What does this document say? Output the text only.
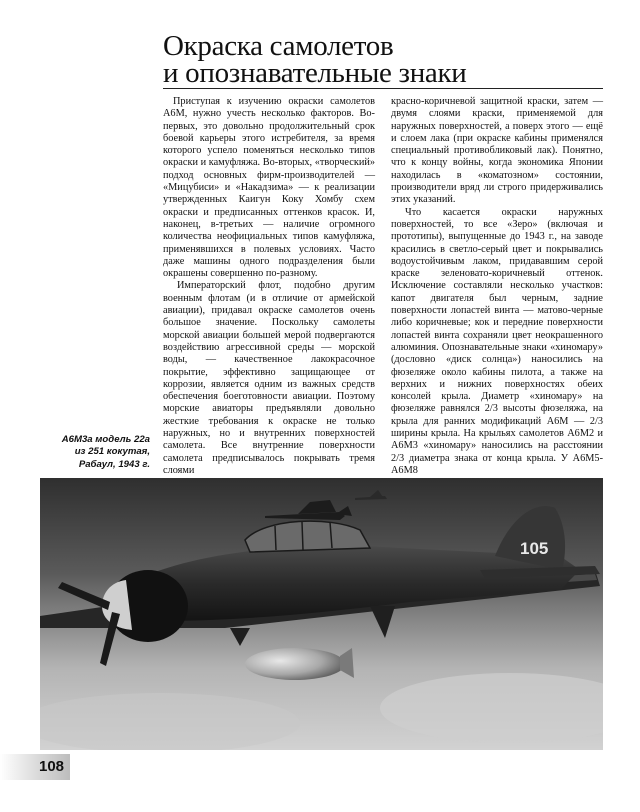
Окраска самолетов
и опознавательные знаки

Приступая к изучению окраски самолетов A6M, нужно учесть несколько факторов. Во-первых, это довольно продолжительный срок боевой карьеры этого истребителя, за время которого успело поменяться несколько типов окраски и камуфляжа. Во-вторых, «творческий» подход основных фирм-производителей — «Мицубиси» и «Накадзима» — к реализации утвержденных Каигун Коку Хомбу схем окраски и предписанных оттенков красок. И, наконец, в-третьих — наличие огромного количества неофициальных типов камуфляжа, применявшихся в полевых условиях. Часто даже машины одного подразделения были окрашены совершенно по-разному.

Императорский флот, подобно другим военным флотам (и в отличие от армейской авиации), придавал окраске самолетов очень большое значение. Поскольку самолеты морской авиации большей мерой подвергаются воздействию агрессивной среды — морской воды, — качественное лакокрасочное покрытие, эффективно защищающее от коррозии, является одним из важных средств обеспечения боеготовности авиации. Поэтому морские авиаторы предъявляли довольно жесткие требования к окраске не только наружных, но и внутренних поверхностей самолета. Все внутренние поверхности самолета предписывалось покрывать тремя слоями

красно-коричневой защитной краски, затем — двумя слоями краски, применяемой для наружных поверхностей, а поверх этого — ещё и слоем лака (при окраске кабины применялся специальный противобликовый лак). Понятно, что к концу войны, когда экономика Японии находилась в «коматозном» состоянии, производители вряд ли строго придерживались этих указаний.

Что касается окраски наружных поверхностей, то все «Зеро» (включая и прототипы), выпущенные до 1943 г., на заводе красились в светло-серый цвет и покрывались водоустойчивым лаком, придававшим серой краске зеленовато-коричневый оттенок. Исключение составляли несколько участков: капот двигателя был черным, задние поверхности лопастей винта — матово-черные либо коричневые; кок и передние поверхности лопастей винта сохраняли цвет неокрашенного алюминия. Опознавательные знаки «хиномару» (дословно «диск солнца») наносились на фюзеляже около кабины пилота, а также на верхних и нижних поверхностях обеих консолей крыла. Диаметр «хиномару» на фюзеляже равнялся 2/3 высоты фюзеляжа, на крыла для ранних модификаций A6M — 2/3 ширины крыла. На крыльях самолетов A6M2 и A6M3 «хиномару» наносились на расстоянии 2/3 диаметра знака от конца крыла. У A6M5-A6M8

A6M3a модель 22a
из 251 кокутая,
Рабаул, 1943 г.
105
108
